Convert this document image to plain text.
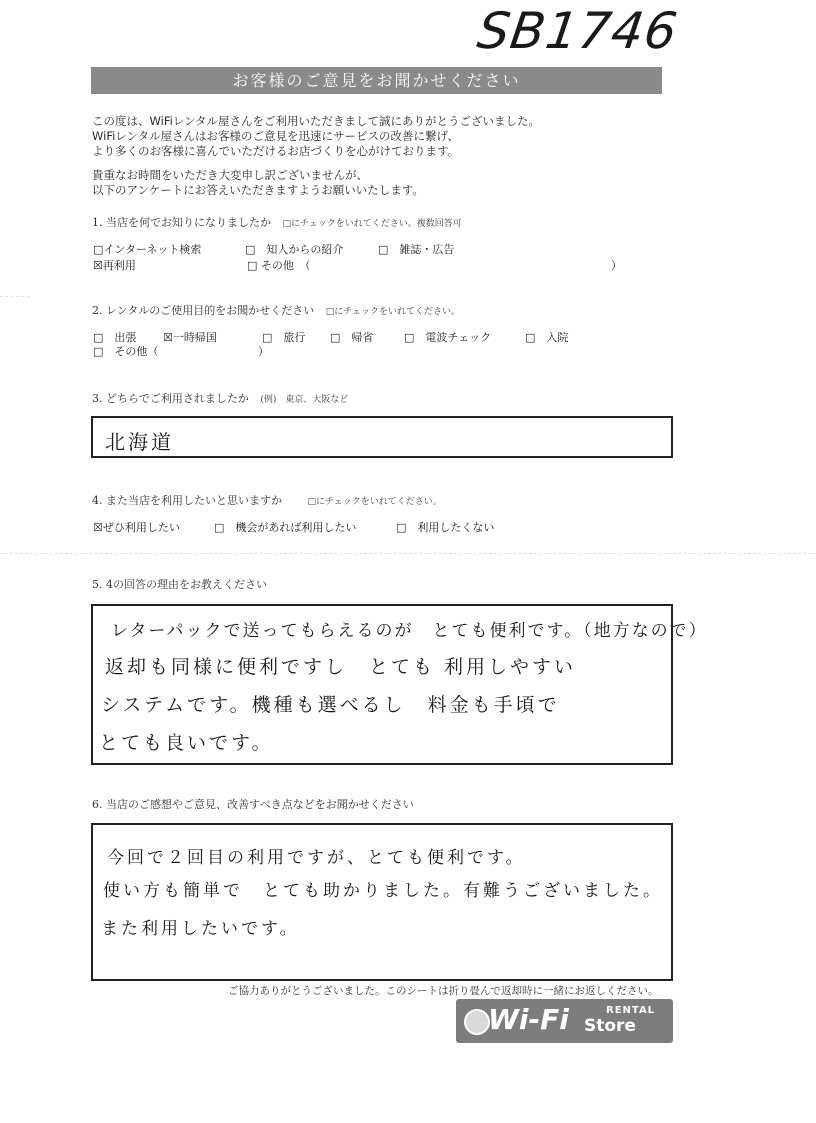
SB1746
お客様のご意見をお聞かせください
この度は、WiFiレンタル屋さんをご利用いただきまして誠にありがとうございました。
WiFiレンタル屋さんはお客様のご意見を迅速にサービスの改善に繋げ、
より多くのお客様に喜んでいただけるお店づくりを心がけております。
貴重なお時間をいただき大変申し訳ございませんが、
以下のアンケートにお答えいただきますようお願いいたします。
1. 当店を何でお知りになりましたか □にチェックをいれてください。複数回答可
□インターネット検索	□　知人からの紹介	□　雑誌・広告
☒再利用	□ その他　（	）
2. レンタルのご使用目的をお聞かせください □にチェックをいれてください。
□　出張 ☒一時帰国	□　旅行 □　帰省	□　電波チェック	□　入院
□　その他（	）
3. どちらでご利用されましたか (例)　東京、大阪など
北海道
4. また当店を利用したいと思いますか	□にチェックをいれてください。
☒ぜひ利用したい	□　機会があれば利用したい	□　利用したくない
5. 4の回答の理由をお教えください
レターパックで送ってもらえるのが　とても便利です。（地方なので）
返却も同様に便利ですし　とても 利用しやすい
システムです。機種も選べるし　料金も手頃で
とても良いです。
6. 当店のご感想やご意見、改善すべき点などをお聞かせください
今回で２回目の利用ですが、とても便利です。
使い方も簡単で　とても助かりました。有難うございました。
また利用したいです。
ご協力ありがとうございました。このシートは折り畳んで返却時に一緒にお返しください。
Wi-Fi	RENTAL
Store
